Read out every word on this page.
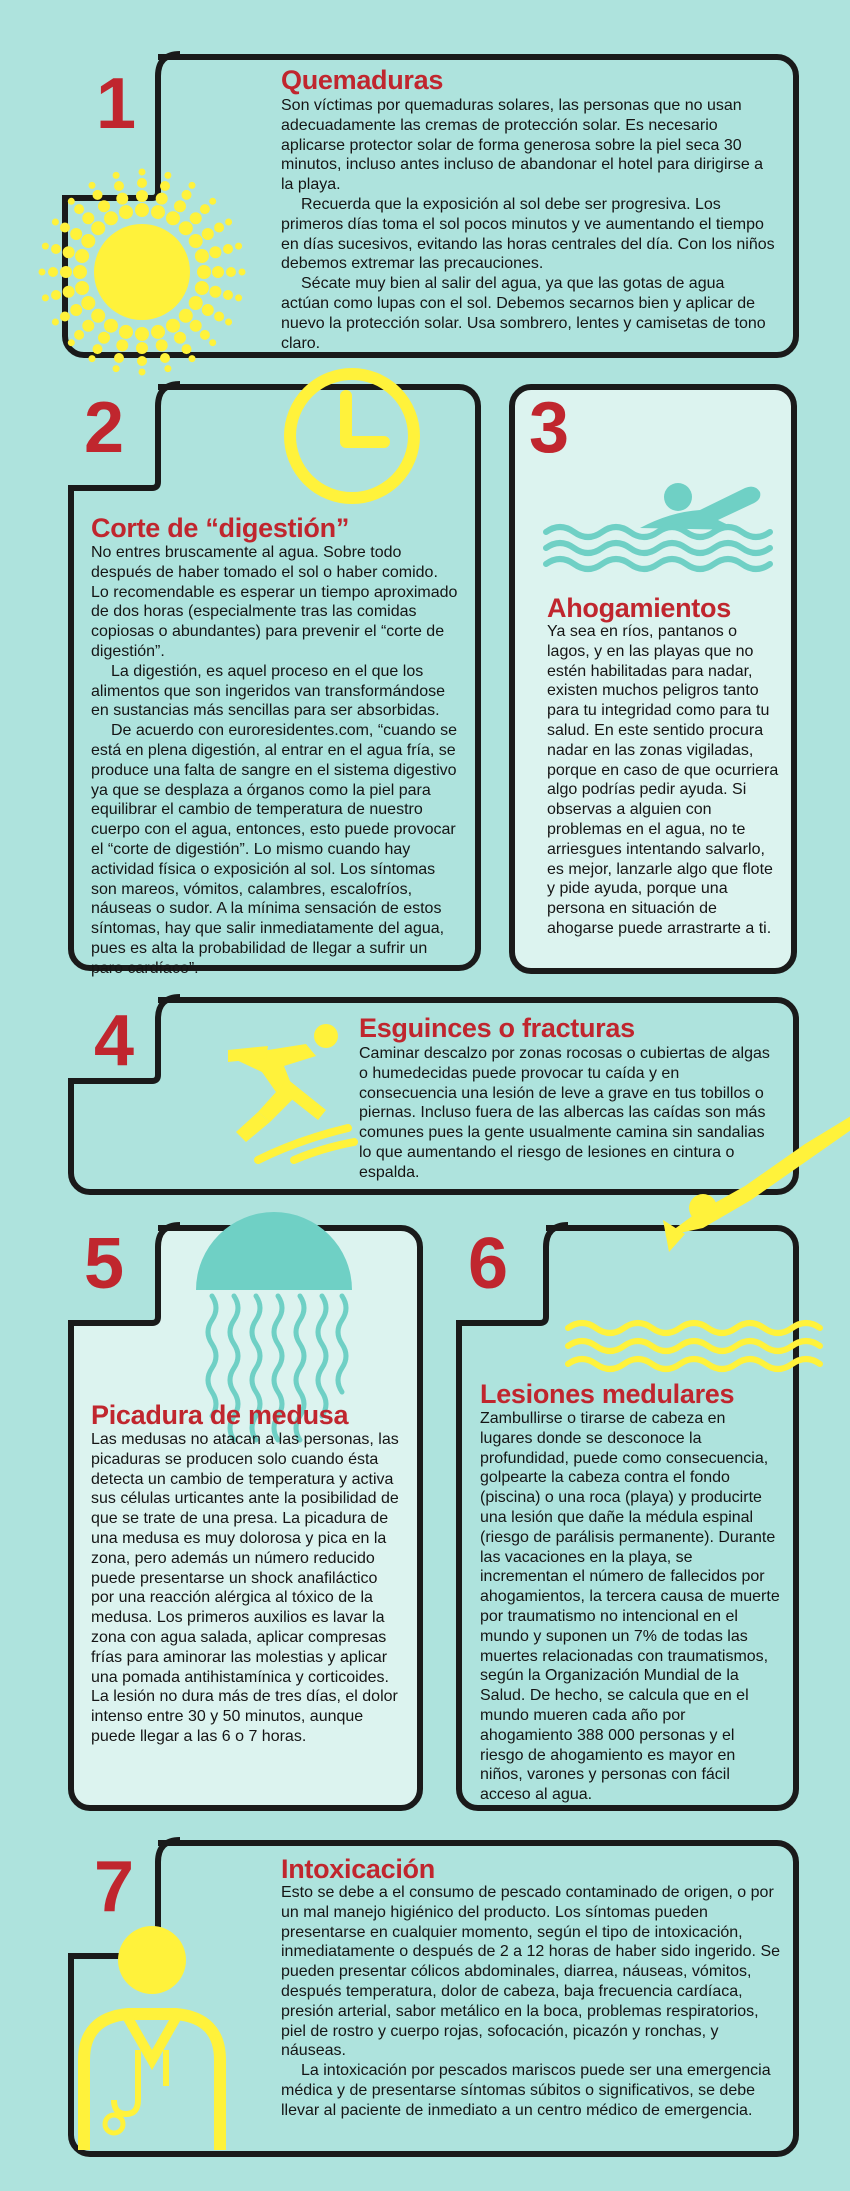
1	Quemaduras

Son víctimas por quemaduras solares, las personas que no usan adecuadamente las cremas de protección solar. Es necesario aplicarse protector solar de forma generosa sobre la piel seca 30 minutos, incluso antes incluso de abandonar el hotel para dirigirse a la playa.

Recuerda que la exposición al sol debe ser progresiva. Los primeros días toma el sol pocos minutos y ve aumentando el tiempo en días sucesivos, evitando las horas centrales del día. Con los niños debemos extremar las precauciones.

Sécate muy bien al salir del agua, ya que las gotas de agua actúan como lupas con el sol. Debemos secarnos bien y aplicar de nuevo la protección solar. Usa sombrero, lentes y camisetas de tono claro.

2
Corte de “digestión”

No entres bruscamente al agua. Sobre todo después de haber tomado el sol o haber comido. Lo recomendable es esperar un tiempo aproximado de dos horas (especialmente tras las comidas copiosas o abundantes) para prevenir el “corte de digestión”.

La digestión, es aquel proceso en el que los alimentos que son ingeridos van transformándose en sustancias más sencillas para ser absorbidas.

De acuerdo con euroresidentes.com, “cuando se está en plena digestión, al entrar en el agua fría, se produce una falta de sangre en el sistema digestivo ya que se desplaza a órganos como la piel para equilibrar el cambio de temperatura de nuestro cuerpo con el agua, entonces, esto puede provocar el “corte de digestión”. Lo mismo cuando hay actividad física o exposición al sol. Los síntomas son mareos, vómitos, calambres, escalofríos, náuseas o sudor. A la mínima sensación de estos síntomas, hay que salir inmediatamente del agua, pues es alta la probabilidad de llegar a sufrir un paro cardíaco”.

3
Ahogamientos

Ya sea en ríos, pantanos o lagos, y en las playas que no estén habilitadas para nadar, existen muchos peligros tanto para tu integridad como para tu salud. En este sentido procura nadar en las zonas vigiladas, porque en caso de que ocurriera algo podrías pedir ayuda. Si observas a alguien con problemas en el agua, no te arriesgues intentando salvarlo, es mejor, lanzarle algo que flote y pide ayuda, porque una persona en situación de ahogarse puede arrastrarte a ti.

4	Esguinces o fracturas

Caminar descalzo por zonas rocosas o cubiertas de algas o humedecidas puede provocar tu caída y en consecuencia una lesión de leve a grave en tus tobillos o piernas. Incluso fuera de las albercas las caídas son más comunes pues la gente usualmente camina sin sandalias lo que aumentando el riesgo de lesiones en cintura o espalda.

5
Picadura de medusa

Las medusas no atacan a las personas, las picaduras se producen solo cuando ésta detecta un cambio de temperatura y activa sus células urticantes ante la posibilidad de que se trate de una presa. La picadura de una medusa es muy dolorosa y pica en la zona, pero además un número reducido puede presentarse un shock anafiláctico por una reacción alérgica al tóxico de la medusa. Los primeros auxilios es lavar la zona con agua salada, aplicar compresas frías para aminorar las molestias y aplicar una pomada antihistamínica y corticoides. La lesión no dura más de tres días, el dolor intenso entre 30 y 50 minutos, aunque puede llegar a las 6 o 7 horas.

6
Lesiones medulares

Zambullirse o tirarse de cabeza en lugares donde se desconoce la profundidad, puede como consecuencia, golpearte la cabeza contra el fondo (piscina) o una roca (playa) y producirte una lesión que dañe la médula espinal (riesgo de parálisis permanente). Durante las vacaciones en la playa, se incrementan el número de fallecidos por ahogamientos, la tercera causa de muerte por traumatismo no intencional en el mundo y suponen un 7% de todas las muertes relacionadas con traumatismos, según la Organización Mundial de la Salud. De hecho, se calcula que en el mundo mueren cada año por ahogamiento 388 000 personas y el riesgo de ahogamiento es mayor en niños, varones y personas con fácil acceso al agua.

7	Intoxicación

Esto se debe a el consumo de pescado contaminado de origen, o por un mal manejo higiénico del producto. Los síntomas pueden presentarse en cualquier momento, según el tipo de intoxicación, inmediatamente o después de 2 a 12 horas de haber sido ingerido. Se pueden presentar cólicos abdominales, diarrea, náuseas, vómitos, después temperatura, dolor de cabeza, baja frecuencia cardíaca, presión arterial, sabor metálico en la boca, problemas respiratorios, piel de rostro y cuerpo rojas, sofocación, picazón y ronchas, y náuseas.

La intoxicación por pescados mariscos puede ser una emergencia médica y de presentarse síntomas súbitos o significativos, se debe llevar al paciente de inmediato a un centro médico de emergencia.
